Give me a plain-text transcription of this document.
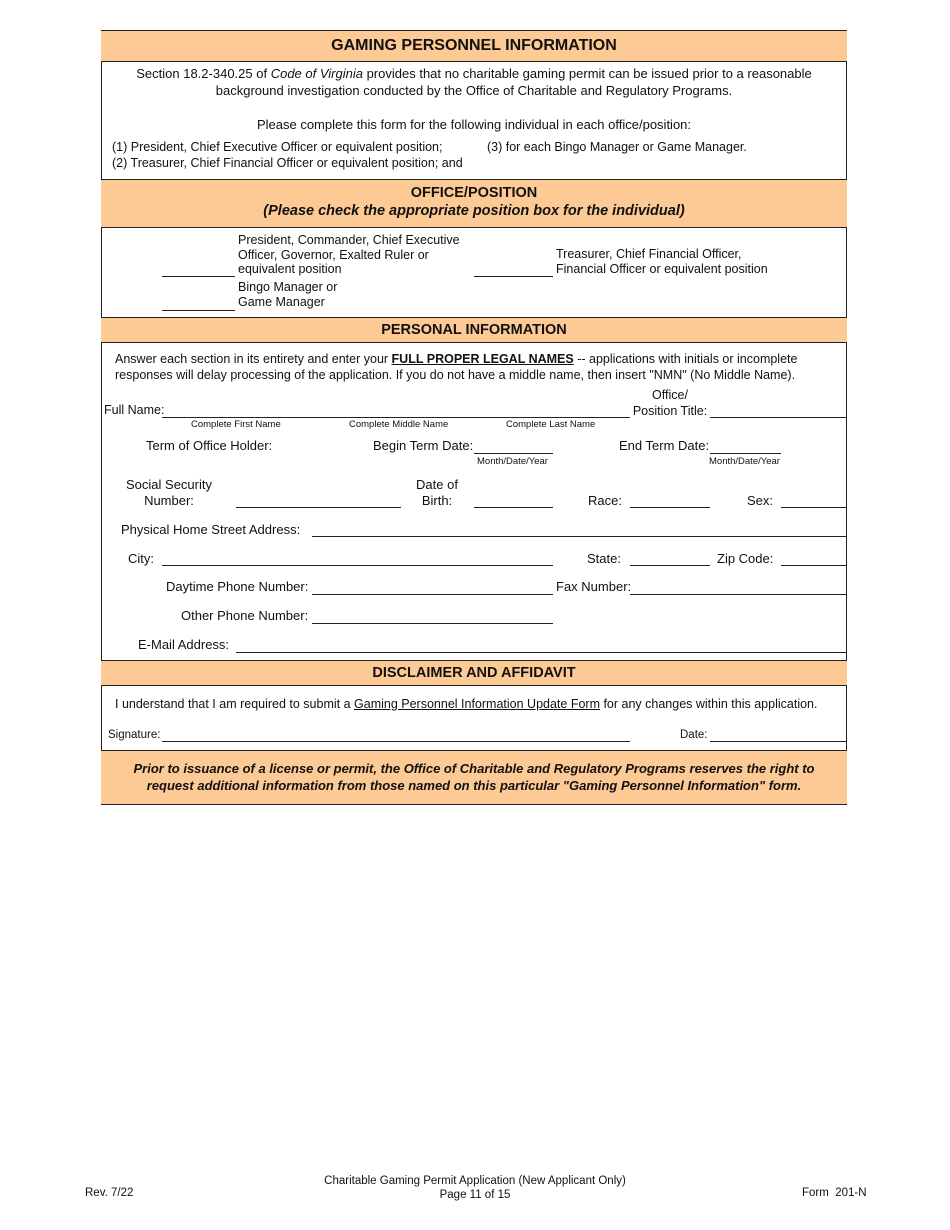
GAMING PERSONNEL INFORMATION
Section 18.2-340.25 of Code of Virginia provides that no charitable gaming permit can be issued prior to a reasonable
background investigation conducted by the Office of Charitable and Regulatory Programs.
Please complete this form for the following individual in each office/position:
(1) President, Chief Executive Officer or equivalent position;
(2) Treasurer, Chief Financial Officer or equivalent position; and
(3) for each Bingo Manager or Game Manager.
OFFICE/POSITION
(Please check the appropriate position box for the individual)
President, Commander, Chief Executive
Officer, Governor, Exalted Ruler or
equivalent position
Treasurer, Chief Financial Officer,
Financial Officer or equivalent position
Bingo Manager or
Game Manager
PERSONAL INFORMATION
Answer each section in its entirety and enter your FULL PROPER LEGAL NAMES -- applications with initials or incomplete
responses will delay processing of the application. If you do not have a middle name, then insert "NMN" (No Middle Name).
Full Name:
Complete First Name	Complete Middle Name	Complete Last Name
Office/
Position Title:
Term of Office Holder:	Begin Term Date:
Month/Date/Year
End Term Date:
Month/Date/Year
Social Security
Number:
Date of
Birth:	Race:	Sex:
Physical Home Street Address:
City:	State:	Zip Code:
Daytime Phone Number:	Fax Number:
Other Phone Number:
E-Mail Address:
DISCLAIMER AND AFFIDAVIT
I understand that I am required to submit a Gaming Personnel Information Update Form for any changes within this application.
Signature:	Date:
Prior to issuance of a license or permit, the Office of Charitable and Regulatory Programs reserves the right to
request additional information from those named on this particular "Gaming Personnel Information" form.
Rev. 7/22
Charitable Gaming Permit Application (New Applicant Only)
Page 11 of 15	Form  201-N
